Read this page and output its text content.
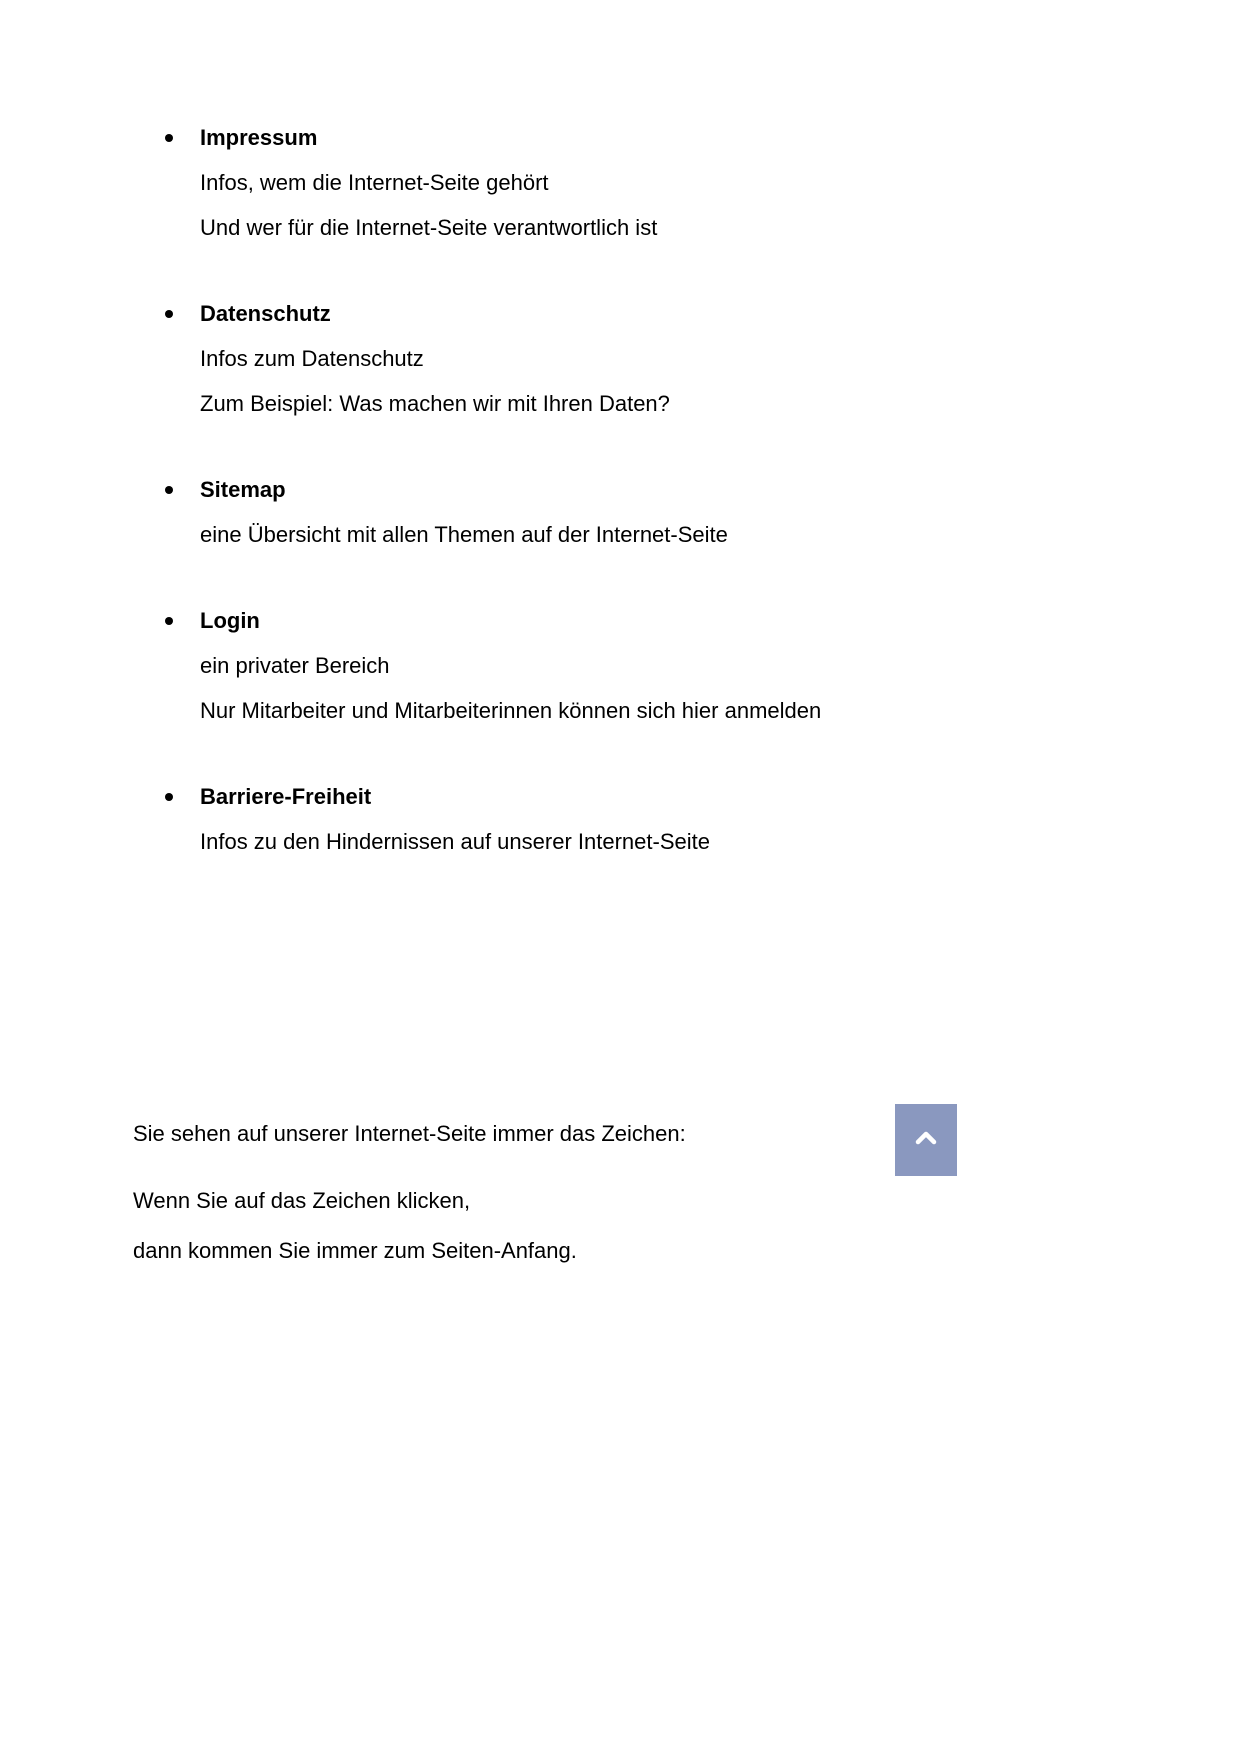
Impressum
Infos, wem die Internet-Seite gehört
Und wer für die Internet-Seite verantwortlich ist
Datenschutz
Infos zum Datenschutz
Zum Beispiel: Was machen wir mit Ihren Daten?
Sitemap
eine Übersicht mit allen Themen auf der Internet-Seite
Login
ein privater Bereich
Nur Mitarbeiter und Mitarbeiterinnen können sich hier anmelden
Barriere-Freiheit
Infos zu den Hindernissen auf unserer Internet-Seite
Sie sehen auf unserer Internet-Seite immer das Zeichen:
Wenn Sie auf das Zeichen klicken,
dann kommen Sie immer zum Seiten-Anfang.
